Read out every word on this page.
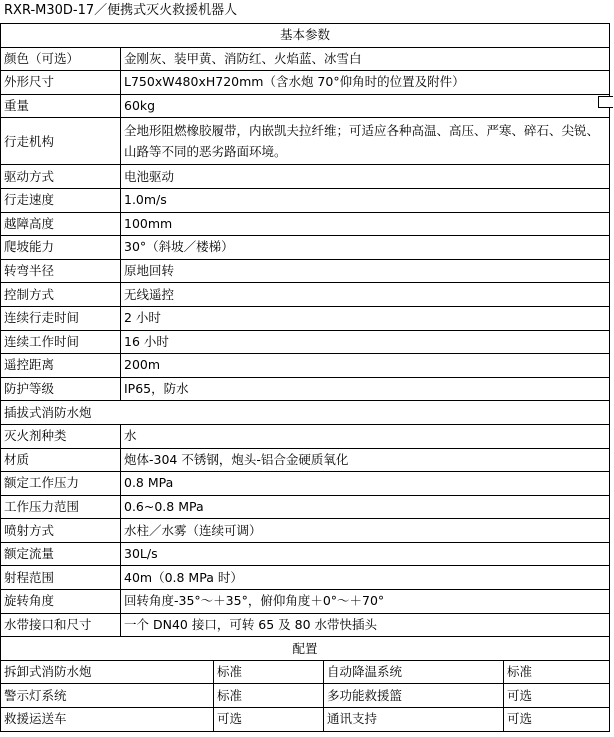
RXR-M30D-17／便携式灭火救援机器人
基本参数				
颜色（可选）	金刚灰、装甲黄、消防红、火焰蓝、冰雪白			
外形尺寸	L750xW480xH720mm（含水炮 70°仰角时的位置及附件）			
重量	60kg			
行走机构	全地形阻燃橡胶履带，内嵌凯夫拉纤维；可适应各种高温、高压、严寒、碎石、尖锐、山路等不同的恶劣路面环境。			
驱动方式	电池驱动			
行走速度	1.0m/s			
越障高度	100mm			
爬坡能力	30°（斜坡／楼梯）			
转弯半径	原地回转			
控制方式	无线遥控			
连续行走时间	2 小时			
连续工作时间	16 小时			
遥控距离	200m			
防护等级	IP65，防水			
插拔式消防水炮				
灭火剂种类	水			
材质	炮体-304 不锈钢，炮头-铝合金硬质氧化			
额定工作压力	0.8 MPa			
工作压力范围	0.6~0.8 MPa			
喷射方式	水柱／水雾（连续可调）			
额定流量	30L/s			
射程范围	40m（0.8 MPa 时）			
旋转角度	回转角度-35°～＋35°，俯仰角度＋0°～＋70°			
水带接口和尺寸	一个 DN40 接口，可转 65 及 80 水带快插头			
配置				
拆卸式消防水炮		标准	自动降温系统	标准
警示灯系统		标准	多功能救援篮	可选
救援运送车		可选	通讯支持	可选
